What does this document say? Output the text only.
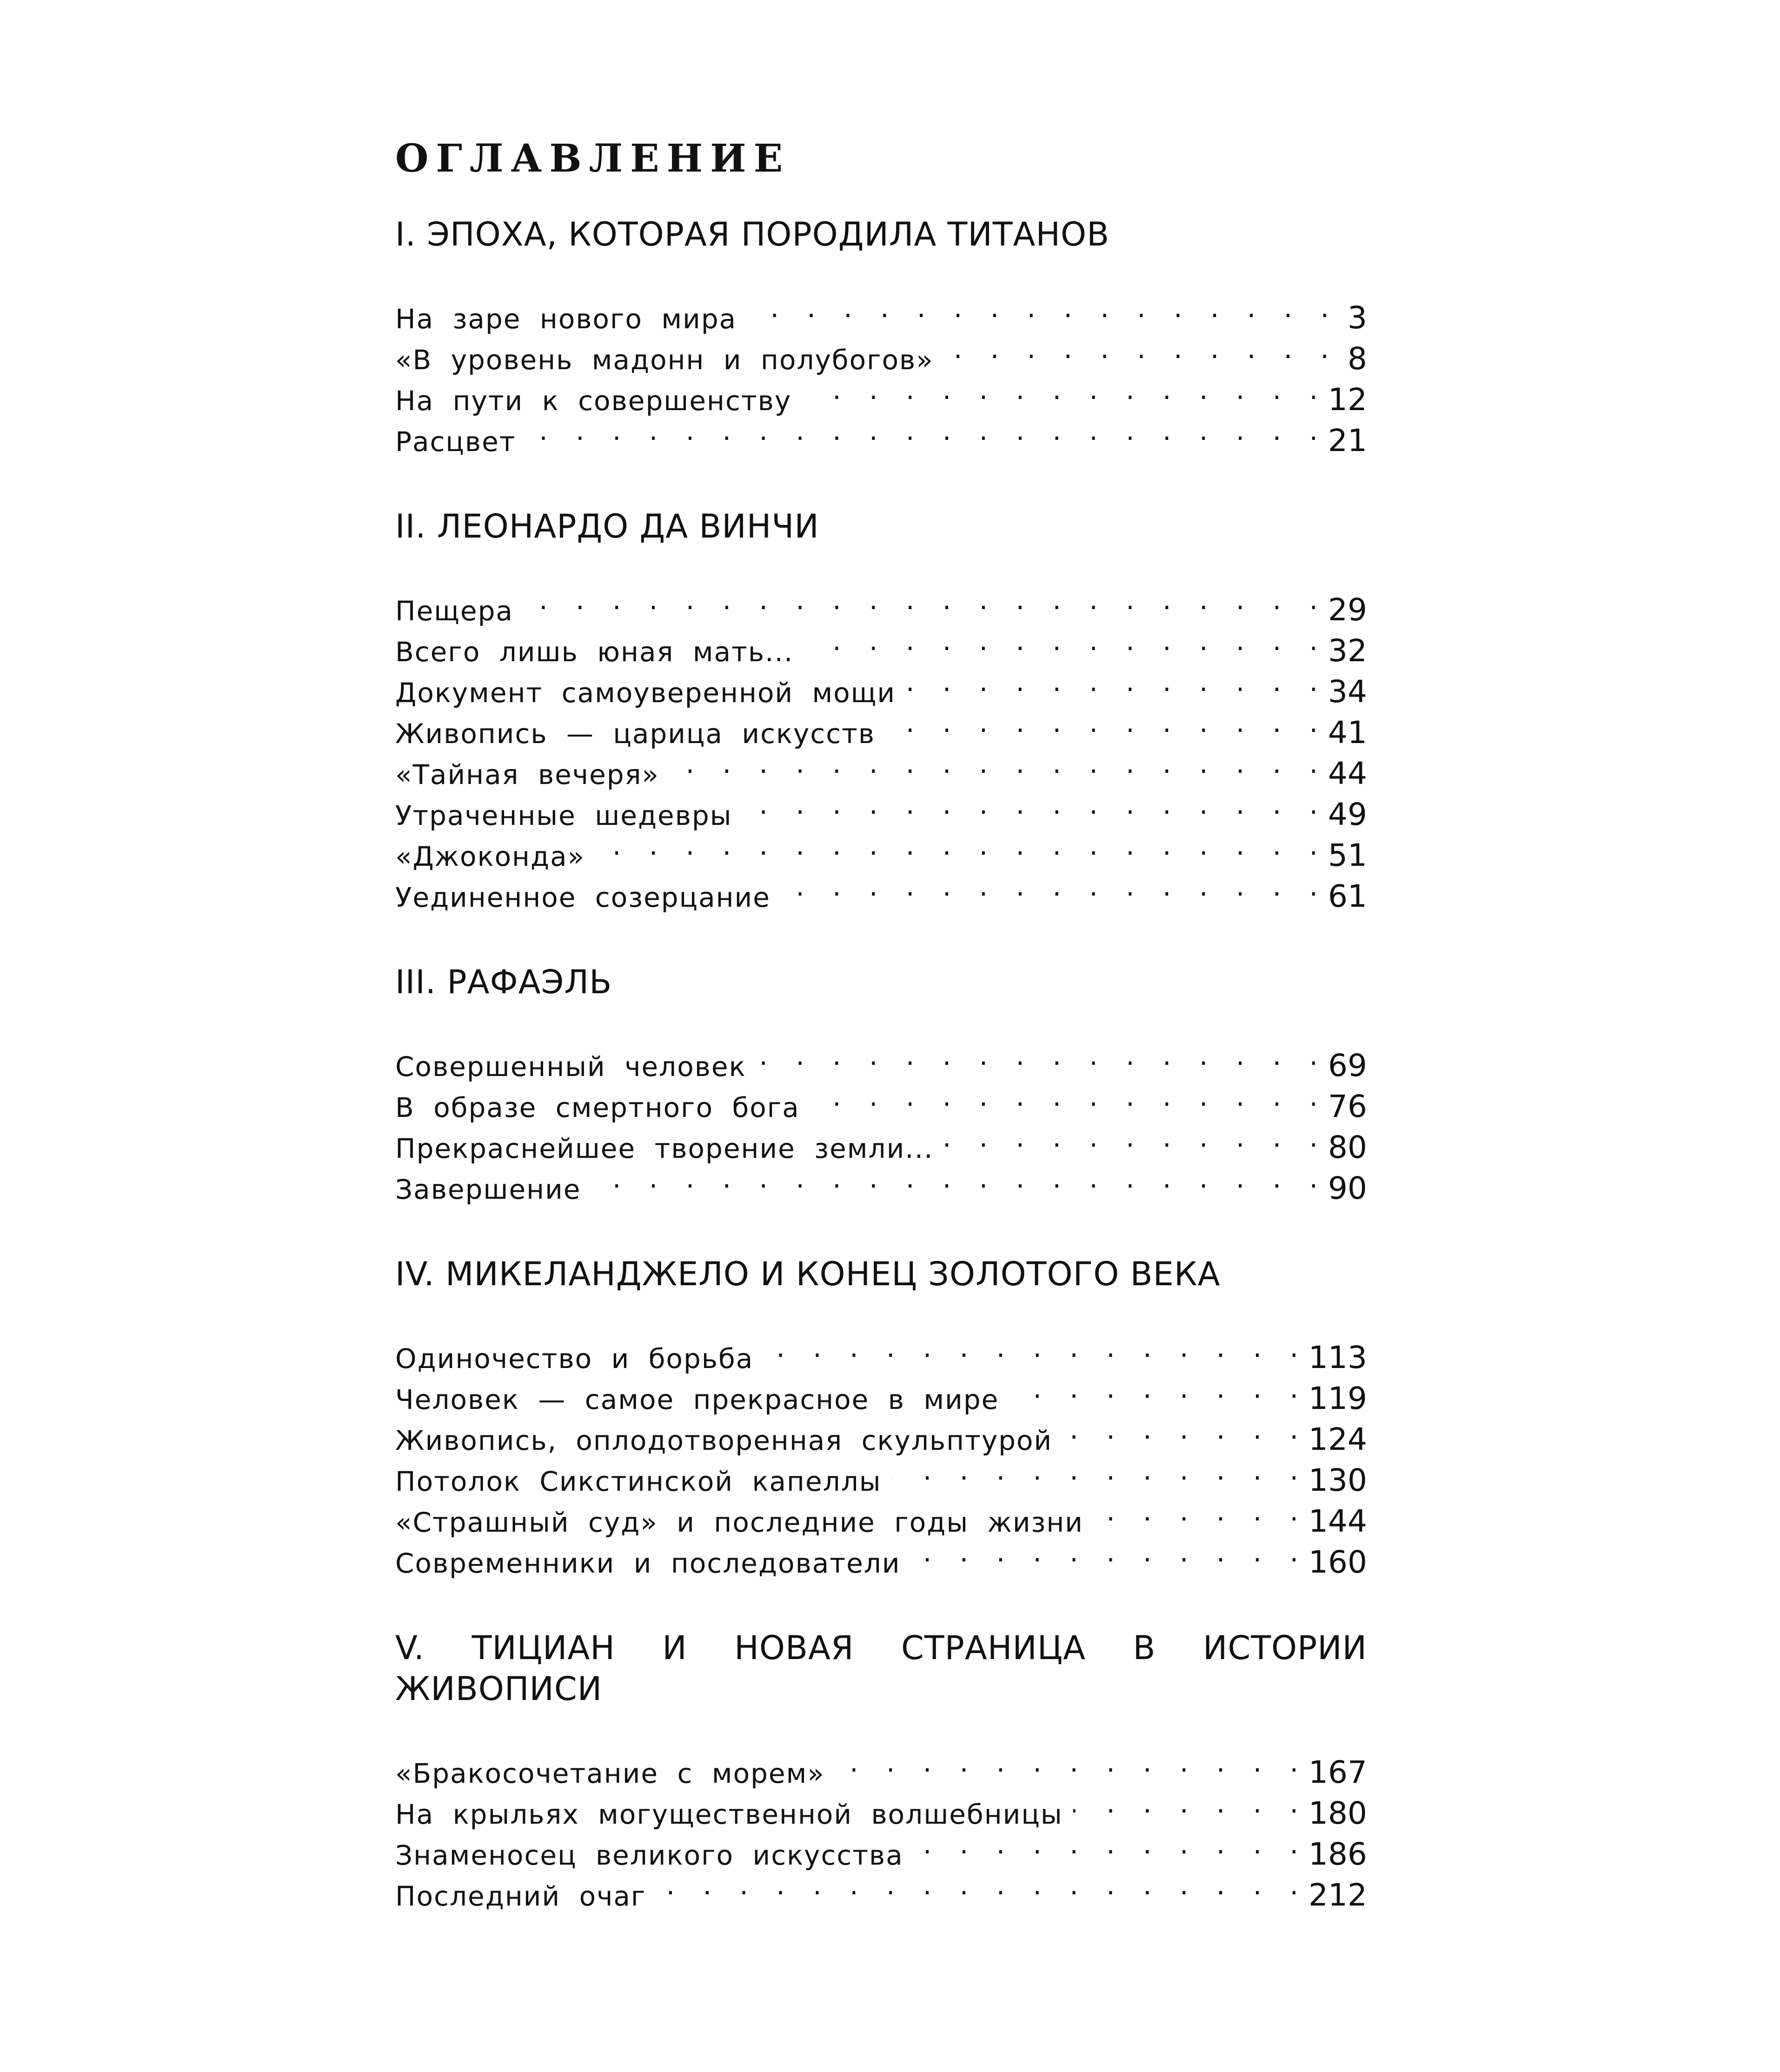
ОГЛАВЛЕНИЕ
I. ЭПОХА, КОТОРАЯ ПОРОДИЛА ТИТАНОВ
На заре нового мира . . .	3
«В уровень мадонн и полубогов» . . .	8
На пути к совершенству . . .	12
Расцвет . . .	21
II. ЛЕОНАРДО ДА ВИНЧИ
Пещера . . .	29
Всего лишь юная мать... . . .	32
Документ самоуверенной мощи . . .	34
Живопись — царица искусств . . .	41
«Тайная вечеря» . . .	44
Утраченные шедевры . . .	49
«Джоконда» . . .	51
Уединенное созерцание . . .	61
III. РАФАЭЛЬ
Совершенный человек . . .	69
В образе смертного бога . . .	76
Прекраснейшее творение земли... . . .	80
Завершение . . .	90
IV. МИКЕЛАНДЖЕЛО И КОНЕЦ ЗОЛОТОГО ВЕКА
Одиночество и борьба . . .	113
Человек — самое прекрасное в мире . . .	119
Живопись, оплодотворенная скульптурой . . .	124
Потолок Сикстинской капеллы . . .	130
«Страшный суд» и последние годы жизни . . .	144
Современники и последователи . . .	160
V. ТИЦИАН И НОВАЯ СТРАНИЦА В ИСТОРИИ ЖИВОПИСИ
«Бракосочетание с морем» . . .	167
На крыльях могущественной волшебницы . . .	180
Знаменосец великого искусства . . .	186
Последний очаг . . .	212
